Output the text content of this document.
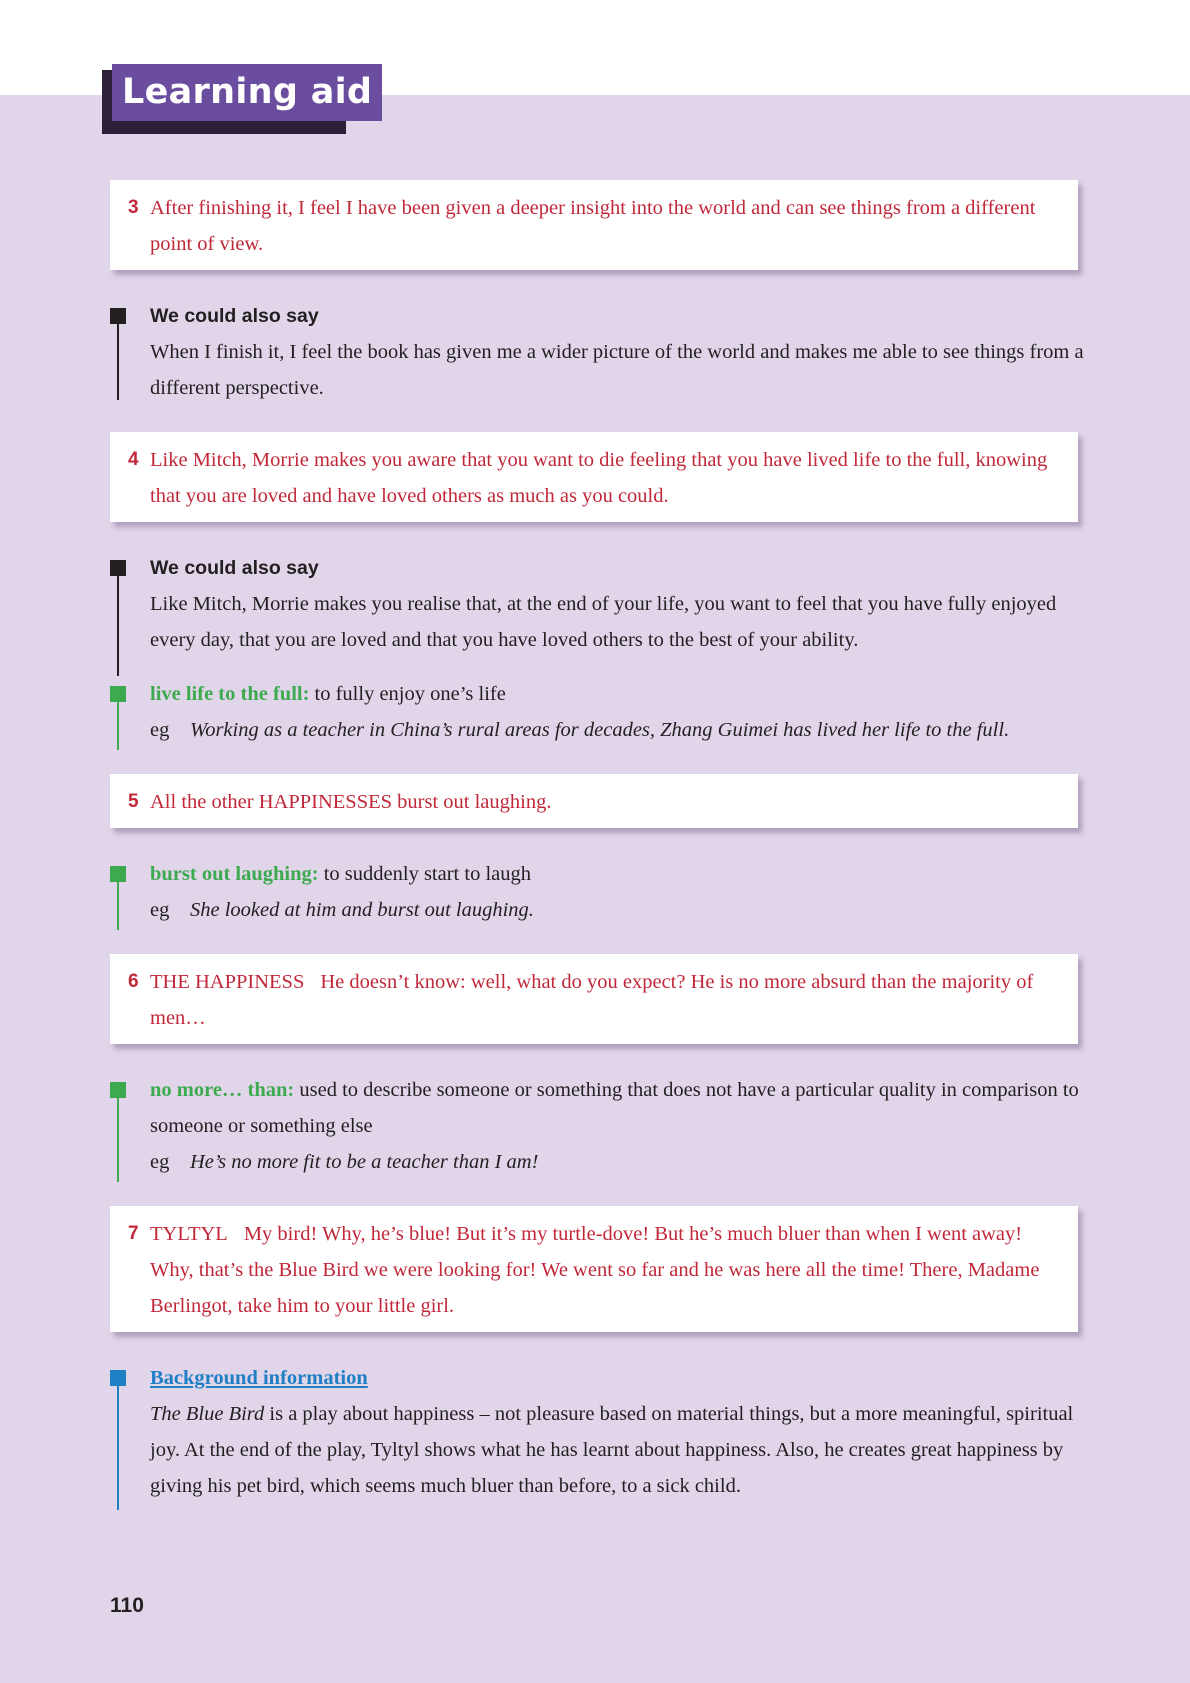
Learning aid
3 After finishing it, I feel I have been given a deeper insight into the world and can see things from a different point of view.
We could also say
When I finish it, I feel the book has given me a wider picture of the world and makes me able to see things from a different perspective.
4 Like Mitch, Morrie makes you aware that you want to die feeling that you have lived life to the full, knowing that you are loved and have loved others as much as you could.
We could also say
Like Mitch, Morrie makes you realise that, at the end of your life, you want to feel that you have fully enjoyed every day, that you are loved and that you have loved others to the best of your ability.
live life to the full: to fully enjoy one’s life
eg Working as a teacher in China’s rural areas for decades, Zhang Guimei has lived her life to the full.
5 All the other HAPPINESSES burst out laughing.
burst out laughing: to suddenly start to laugh
eg She looked at him and burst out laughing.
6 THE HAPPINESS He doesn’t know: well, what do you expect? He is no more absurd than the majority of men…
no more… than: used to describe someone or something that does not have a particular quality in comparison to someone or something else
eg He’s no more fit to be a teacher than I am!
7 TYLTYL My bird! Why, he’s blue! But it’s my turtle-dove! But he’s much bluer than when I went away! Why, that’s the Blue Bird we were looking for! We went so far and he was here all the time! There, Madame Berlingot, take him to your little girl.
Background information
The Blue Bird is a play about happiness – not pleasure based on material things, but a more meaningful, spiritual joy. At the end of the play, Tyltyl shows what he has learnt about happiness. Also, he creates great happiness by giving his pet bird, which seems much bluer than before, to a sick child.
110
